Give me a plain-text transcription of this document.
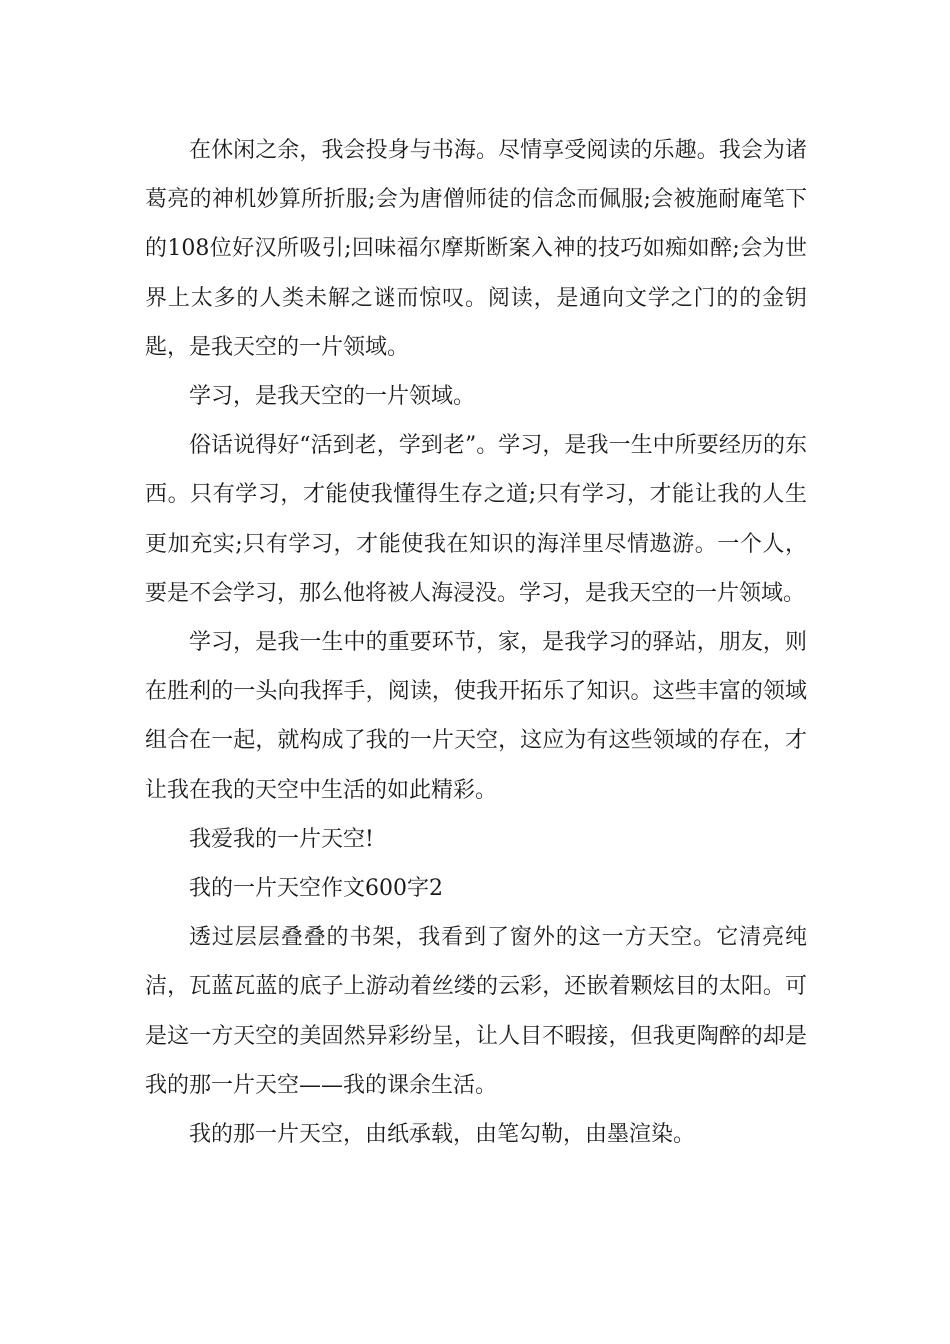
在休闲之余，我会投身与书海。尽情享受阅读的乐趣。我会为诸葛亮的神机妙算所折服;会为唐僧师徒的信念而佩服;会被施耐庵笔下的108位好汉所吸引;回味福尔摩斯断案入神的技巧如痴如醉;会为世界上太多的人类未解之谜而惊叹。阅读，是通向文学之门的的金钥匙，是我天空的一片领域。

学习，是我天空的一片领域。

俗话说得好“活到老，学到老”。学习，是我一生中所要经历的东西。只有学习，才能使我懂得生存之道;只有学习，才能让我的人生更加充实;只有学习，才能使我在知识的海洋里尽情遨游。一个人，要是不会学习，那么他将被人海浸没。学习，是我天空的一片领域。

学习，是我一生中的重要环节，家，是我学习的驿站，朋友，则在胜利的一头向我挥手，阅读，使我开拓乐了知识。这些丰富的领域组合在一起，就构成了我的一片天空，这应为有这些领域的存在，才让我在我的天空中生活的如此精彩。

我爱我的一片天空!

我的一片天空作文600字2

透过层层叠叠的书架，我看到了窗外的这一方天空。它清亮纯洁，瓦蓝瓦蓝的底子上游动着丝缕的云彩，还嵌着颗炫目的太阳。可是这一方天空的美固然异彩纷呈，让人目不暇接，但我更陶醉的却是我的那一片天空——我的课余生活。

我的那一片天空，由纸承载，由笔勾勒，由墨渲染。
